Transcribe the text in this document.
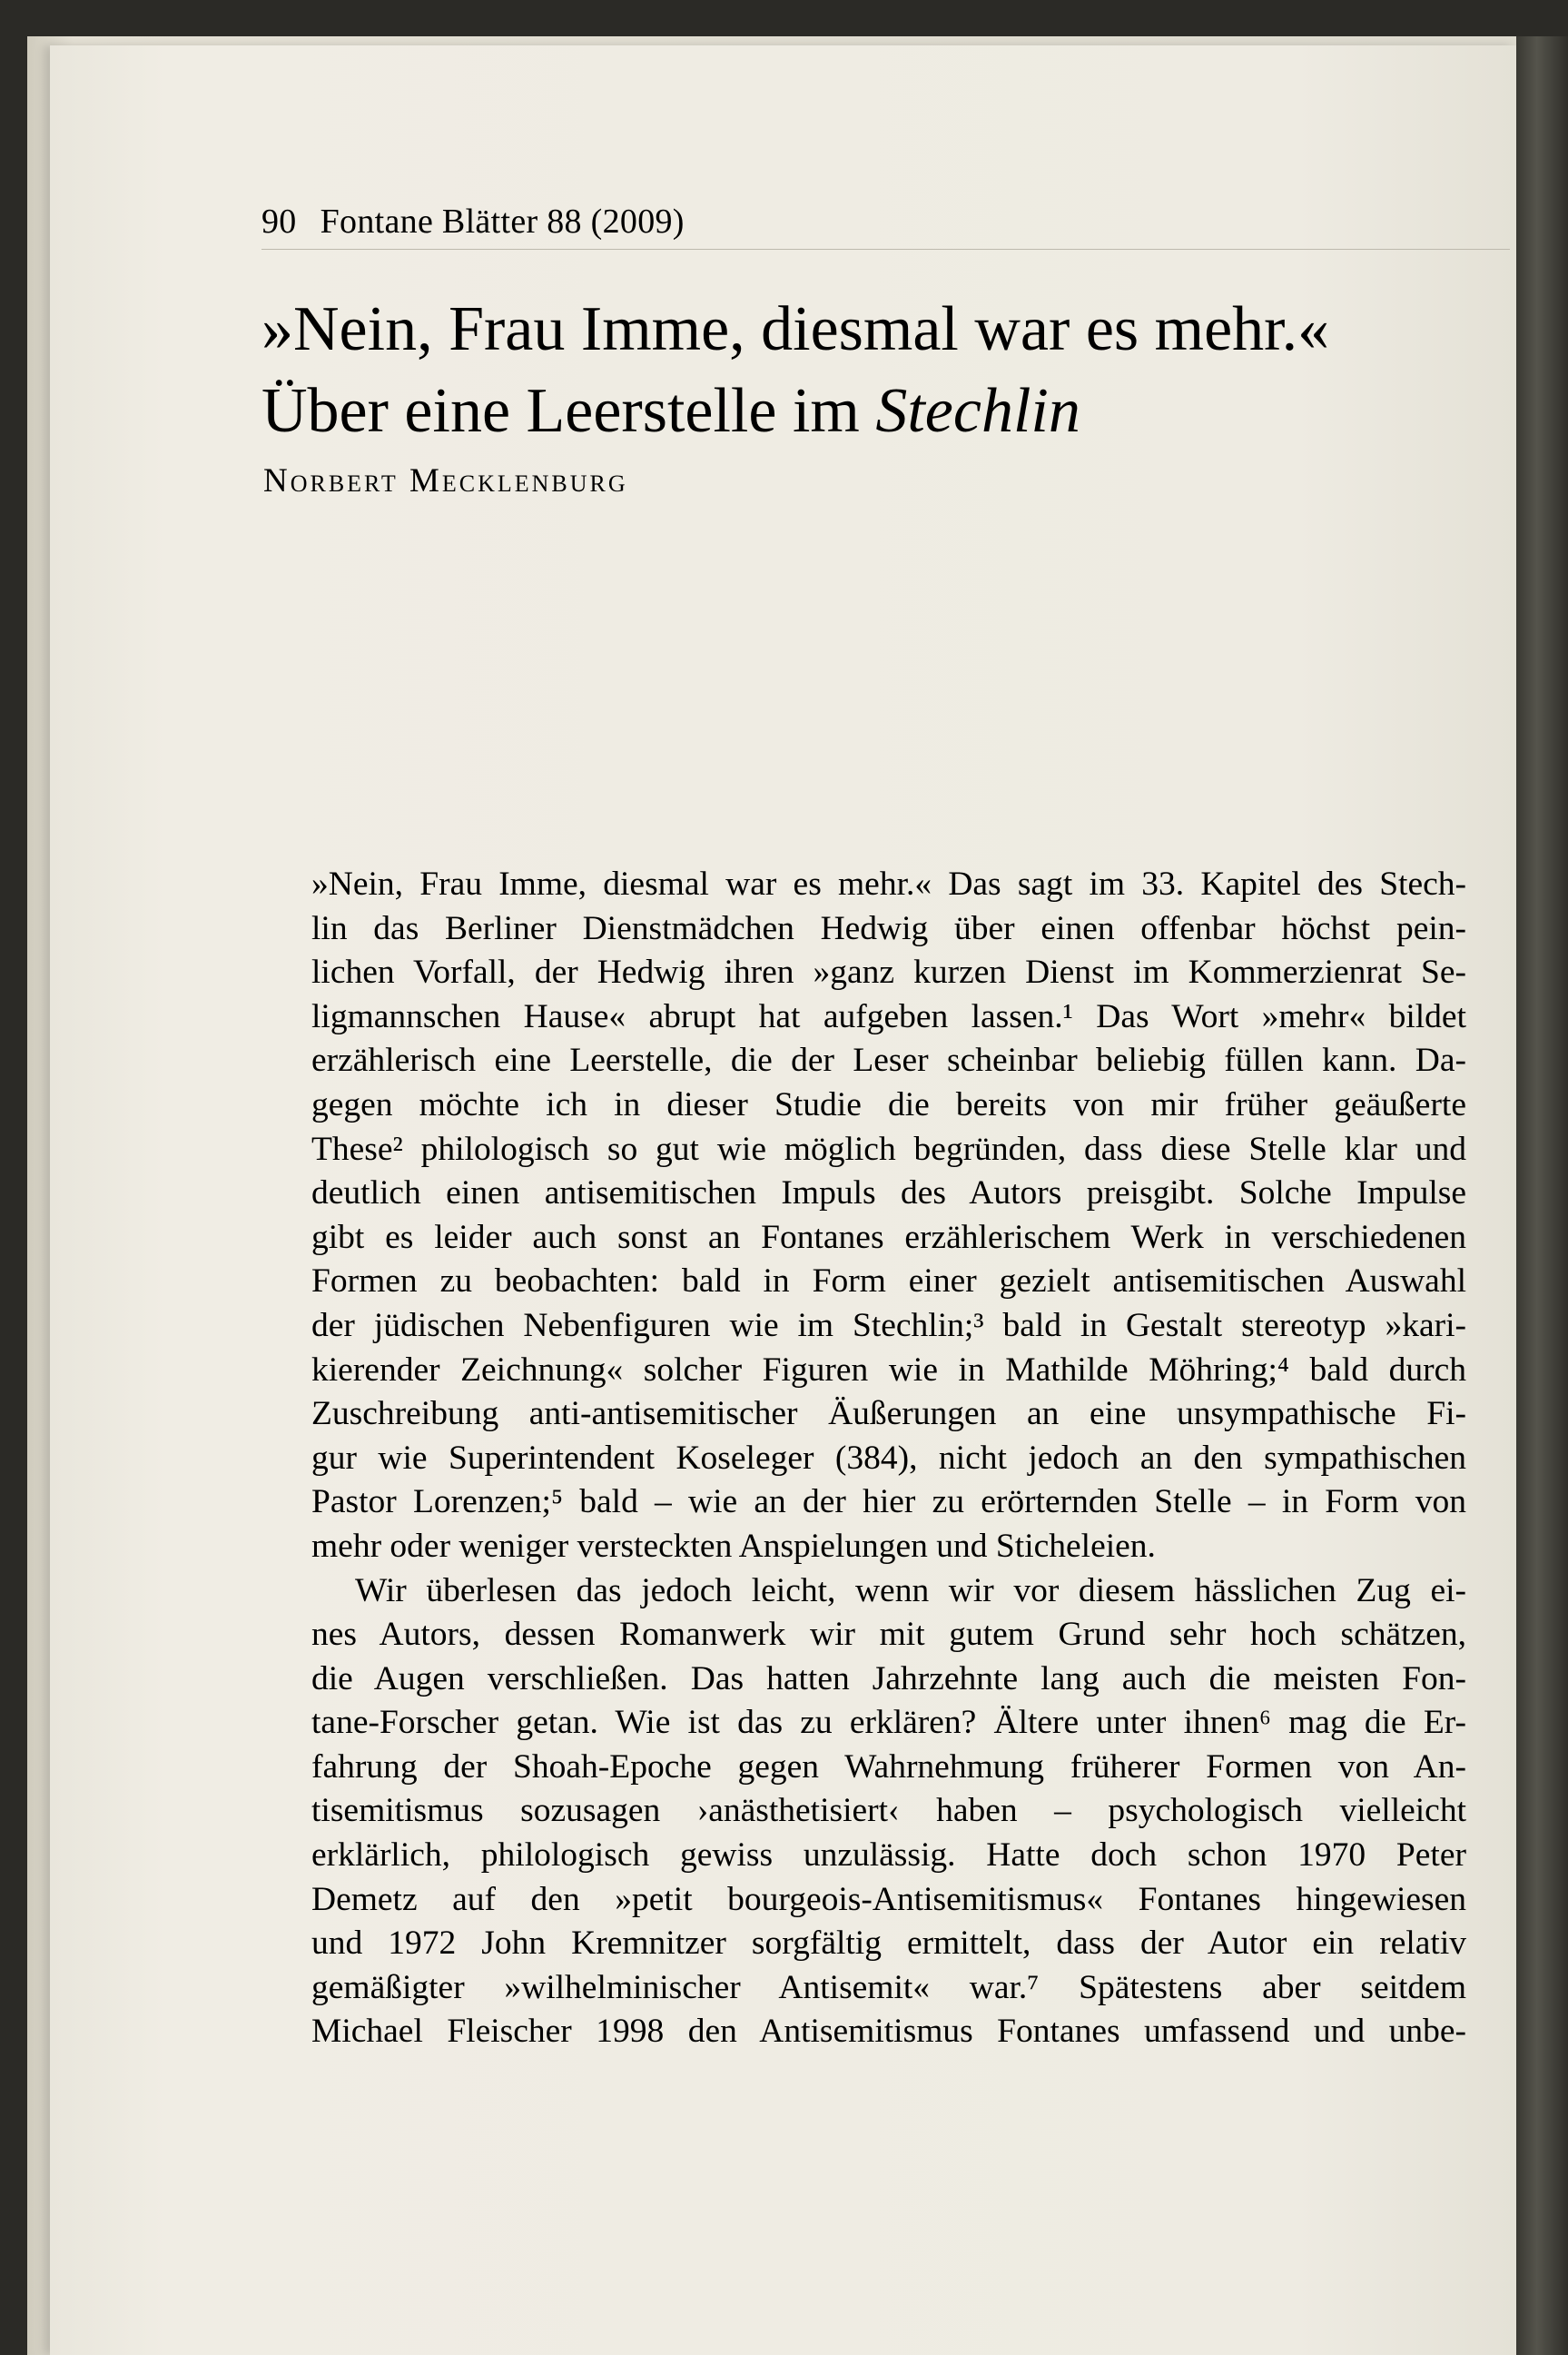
90 Fontane Blätter 88 (2009)
»Nein, Frau Imme, diesmal war es mehr.«
Über eine Leerstelle im Stechlin
Norbert Mecklenburg

»Nein, Frau Imme, diesmal war es mehr.« Das sagt im 33. Kapitel des Stech-
lin das Berliner Dienstmädchen Hedwig über einen offenbar höchst pein-
lichen Vorfall, der Hedwig ihren »ganz kurzen Dienst im Kommerzienrat Se-
ligmannschen Hause« abrupt hat aufgeben lassen.¹ Das Wort »mehr« bildet
erzählerisch eine Leerstelle, die der Leser scheinbar beliebig füllen kann. Da-
gegen möchte ich in dieser Studie die bereits von mir früher geäußerte
These² philologisch so gut wie möglich begründen, dass diese Stelle klar und
deutlich einen antisemitischen Impuls des Autors preisgibt. Solche Impulse
gibt es leider auch sonst an Fontanes erzählerischem Werk in verschiedenen
Formen zu beobachten: bald in Form einer gezielt antisemitischen Auswahl
der jüdischen Nebenfiguren wie im Stechlin;³ bald in Gestalt stereotyp »kari-
kierender Zeichnung« solcher Figuren wie in Mathilde Möhring;⁴ bald durch
Zuschreibung anti-antisemitischer Äußerungen an eine unsympathische Fi-
gur wie Superintendent Koseleger (384), nicht jedoch an den sympathischen
Pastor Lorenzen;⁵ bald – wie an der hier zu erörternden Stelle – in Form von
mehr oder weniger versteckten Anspielungen und Sticheleien.
Wir überlesen das jedoch leicht, wenn wir vor diesem hässlichen Zug ei-
nes Autors, dessen Romanwerk wir mit gutem Grund sehr hoch schätzen,
die Augen verschließen. Das hatten Jahrzehnte lang auch die meisten Fon-
tane-Forscher getan. Wie ist das zu erklären? Ältere unter ihnen⁶ mag die Er-
fahrung der Shoah-Epoche gegen Wahrnehmung früherer Formen von An-
tisemitismus sozusagen ›anästhetisiert‹ haben – psychologisch vielleicht
erklärlich, philologisch gewiss unzulässig. Hatte doch schon 1970 Peter
Demetz auf den »petit bourgeois-Antisemitismus« Fontanes hingewiesen
und 1972 John Kremnitzer sorgfältig ermittelt, dass der Autor ein relativ
gemäßigter »wilhelminischer Antisemit« war.⁷ Spätestens aber seitdem
Michael Fleischer 1998 den Antisemitismus Fontanes umfassend und unbe-
